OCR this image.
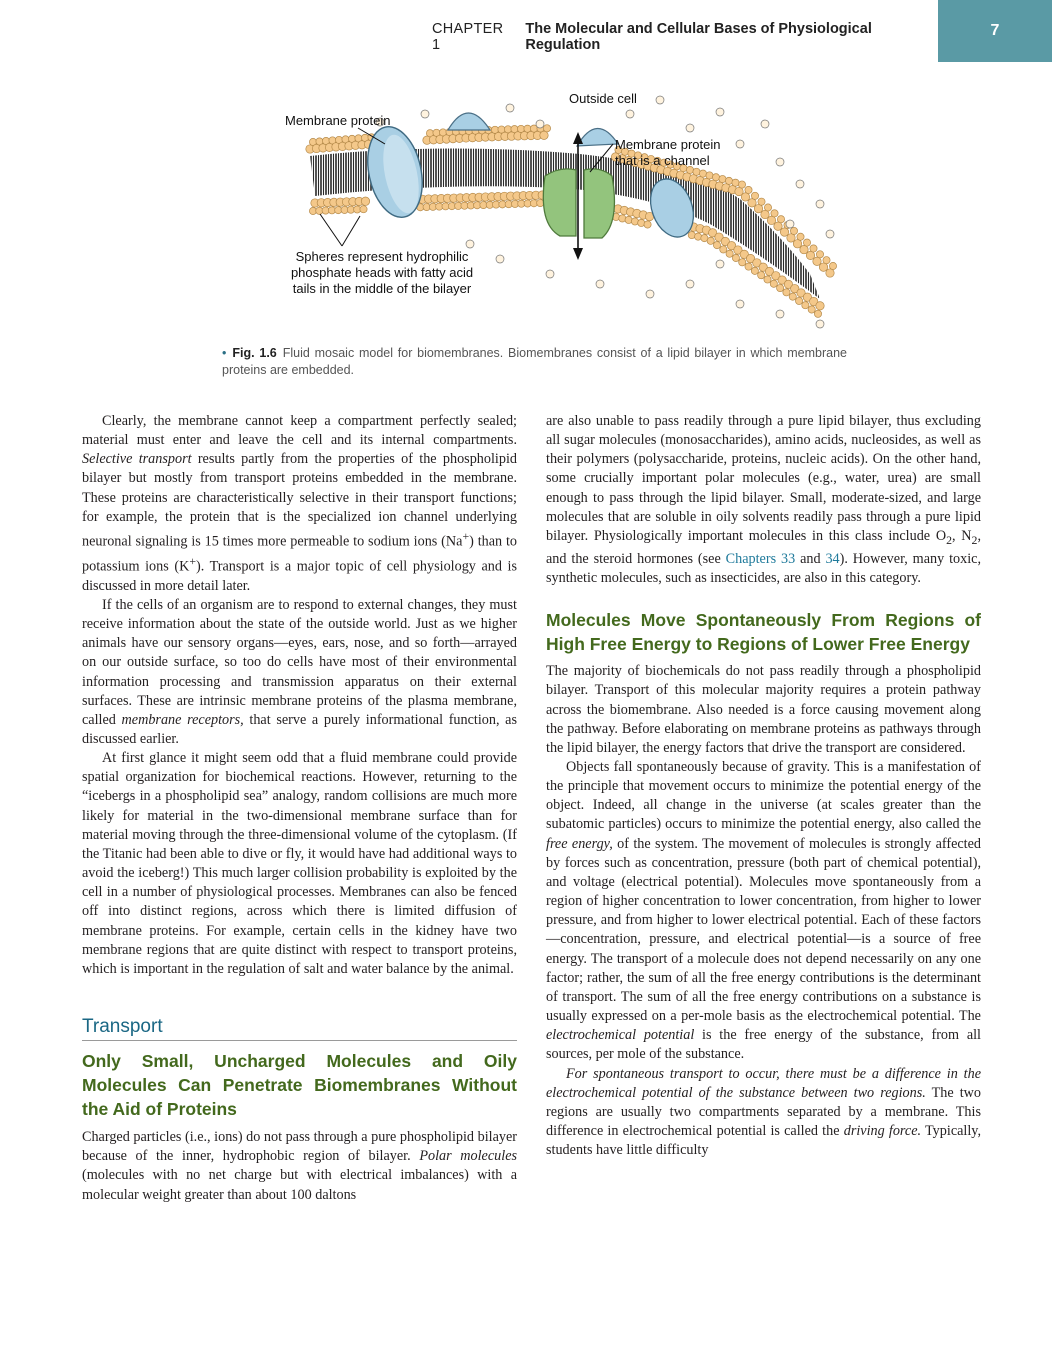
CHAPTER 1
The Molecular and Cellular Bases of Physiological Regulation
7
Outside cell
Membrane protein
Membrane protein
that is a channel
Spheres represent hydrophilic
phosphate heads with fatty acid
tails in the middle of the bilayer
• Fig. 1.6 Fluid mosaic model for biomembranes. Biomembranes consist of a lipid bilayer in which membrane proteins are embedded.

Clearly, the membrane cannot keep a compartment perfectly sealed; material must enter and leave the cell and its internal compartments. Selective transport results partly from the properties of the phospholipid bilayer but mostly from transport proteins embedded in the membrane. These proteins are characteristically selective in their transport functions; for example, the protein that is the specialized ion channel underlying neuronal signaling is 15 times more permeable to sodium ions (Na+) than to potassium ions (K+). Transport is a major topic of cell physiology and is discussed in more detail later.

If the cells of an organism are to respond to external changes, they must receive information about the state of the outside world. Just as we higher animals have our sensory organs—eyes, ears, nose, and so forth—arrayed on our outside surface, so too do cells have most of their environmental information processing and transmission apparatus on their external surfaces. These are intrinsic membrane proteins of the plasma membrane, called membrane receptors, that serve a purely informational function, as discussed earlier.

At first glance it might seem odd that a fluid membrane could provide spatial organization for biochemical reactions. However, returning to the “icebergs in a phospholipid sea” analogy, random collisions are much more likely for material in the two-dimensional membrane surface than for material moving through the three-dimensional volume of the cytoplasm. (If the Titanic had been able to dive or fly, it would have had additional ways to avoid the iceberg!) This much larger collision probability is exploited by the cell in a number of physiological processes. Membranes can also be fenced off into distinct regions, across which there is limited diffusion of membrane proteins. For example, certain cells in the kidney have two membrane regions that are quite distinct with respect to transport proteins, which is important in the regulation of salt and water balance by the animal.

Transport
Only Small, Uncharged Molecules and Oily Molecules Can Penetrate Biomembranes Without the Aid of Proteins

Charged particles (i.e., ions) do not pass through a pure phospholipid bilayer because of the inner, hydrophobic region of bilayer. Polar molecules (molecules with no net charge but with electrical imbalances) with a molecular weight greater than about 100 daltons

are also unable to pass readily through a pure lipid bilayer, thus excluding all sugar molecules (monosaccharides), amino acids, nucleosides, as well as their polymers (polysaccharide, proteins, nucleic acids). On the other hand, some crucially important polar molecules (e.g., water, urea) are small enough to pass through the lipid bilayer. Small, moderate-sized, and large molecules that are soluble in oily solvents readily pass through a pure lipid bilayer. Physiologically important molecules in this class include $O_2$, $N_2$, and the steroid hormones (see Chapters 33 and 34). However, many toxic, synthetic molecules, such as insecticides, are also in this category.

Molecules Move Spontaneously From Regions of High Free Energy to Regions of Lower Free Energy

The majority of biochemicals do not pass readily through a phospholipid bilayer. Transport of this molecular majority requires a protein pathway across the biomembrane. Also needed is a force causing movement along the pathway. Before elaborating on membrane proteins as pathways through the lipid bilayer, the energy factors that drive the transport are considered.

Objects fall spontaneously because of gravity. This is a manifestation of the principle that movement occurs to minimize the potential energy of the object. Indeed, all change in the universe (at scales greater than the subatomic particles) occurs to minimize the potential energy, also called the free energy, of the system. The movement of molecules is strongly affected by forces such as concentration, pressure (both part of chemical potential), and voltage (electrical potential). Molecules move spontaneously from a region of higher concentration to lower concentration, from higher to lower pressure, and from higher to lower electrical potential. Each of these factors—concentration, pressure, and electrical potential—is a source of free energy. The transport of a molecule does not depend necessarily on any one factor; rather, the sum of all the free energy contributions is the determinant of transport. The sum of all the free energy contributions on a substance is usually expressed on a per-mole basis as the electrochemical potential. The electrochemical potential is the free energy of the substance, from all sources, per mole of the substance.

For spontaneous transport to occur, there must be a difference in the electrochemical potential of the substance between two regions. The two regions are usually two compartments separated by a membrane. This difference in electrochemical potential is called the driving force. Typically, students have little difficulty
